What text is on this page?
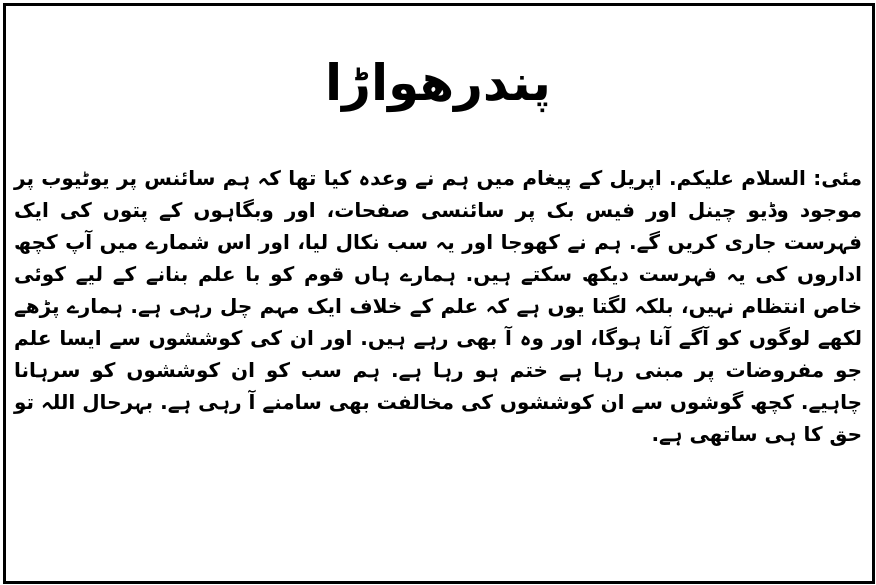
پندرھواڑا
مئی: السلام علیکم. اپریل کے پیغام میں ہم نے وعدہ کیا تھا کہ ہم سائنس پر یوٹیوب پر موجود وڈیو چینل اور فیس بک پر سائنسی صفحات، اور وبگاہوں کے پتوں کی ایک فہرست جاری کریں گے. ہم نے کھوجا اور یہ سب نکال لیا، اور اس شمارے میں آپ کچھ اداروں کی یہ فہرست دیکھ سکتے ہیں. ہمارے ہاں قوم کو با علم بنانے کے لیے کوئی خاص انتظام نہیں، بلکہ لگتا یوں ہے کہ علم کے خلاف ایک مہم چل رہی ہے. ہمارے پڑھے لکھے لوگوں کو آگے آنا ہوگا، اور وہ آ بھی رہے ہیں. اور ان کی کوششوں سے ایسا علم جو مفروضات پر مبنی رہا ہے ختم ہو رہا ہے. ہم سب کو ان کوششوں کو سرہانا چاہیے. کچھ گوشوں سے ان کوششوں کی مخالفت بھی سامنے آ رہی ہے. بہرحال اللہ تو حق کا ہی ساتھی ہے.
